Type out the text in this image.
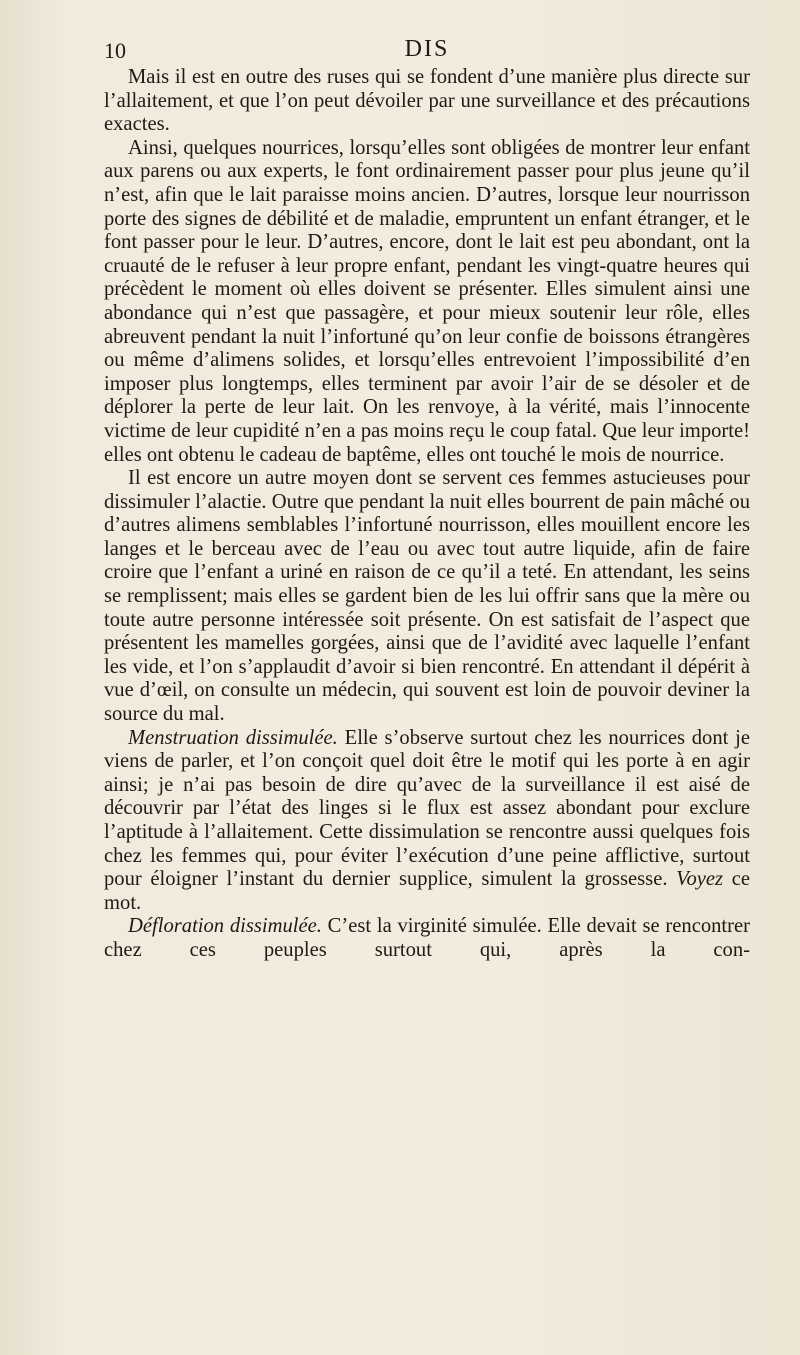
10	DIS

Mais il est en outre des ruses qui se fondent d’une manière plus directe sur l’allaitement, et que l’on peut dévoiler par une surveillance et des précautions exactes.

Ainsi, quelques nourrices, lorsqu’elles sont obligées de montrer leur enfant aux parens ou aux experts, le font ordinairement passer pour plus jeune qu’il n’est, afin que le lait paraisse moins ancien. D’autres, lorsque leur nourrisson porte des signes de débilité et de maladie, empruntent un enfant étranger, et le font passer pour le leur. D’autres, encore, dont le lait est peu abondant, ont la cruauté de le refuser à leur propre enfant, pendant les vingt-quatre heures qui précèdent le moment où elles doivent se présenter. Elles simulent ainsi une abondance qui n’est que passagère, et pour mieux soutenir leur rôle, elles abreuvent pendant la nuit l’infortuné qu’on leur confie de boissons étrangères ou même d’alimens solides, et lorsqu’elles entrevoient l’impossibilité d’en imposer plus longtemps, elles terminent par avoir l’air de se désoler et de déplorer la perte de leur lait. On les renvoye, à la vérité, mais l’innocente victime de leur cupidité n’en a pas moins reçu le coup fatal. Que leur importe! elles ont obtenu le cadeau de baptême, elles ont touché le mois de nourrice.

Il est encore un autre moyen dont se servent ces femmes astucieuses pour dissimuler l’alactie. Outre que pendant la nuit elles bourrent de pain mâché ou d’autres alimens semblables l’infortuné nourrisson, elles mouillent encore les langes et le berceau avec de l’eau ou avec tout autre liquide, afin de faire croire que l’enfant a uriné en raison de ce qu’il a teté. En attendant, les seins se remplissent; mais elles se gardent bien de les lui offrir sans que la mère ou toute autre personne intéressée soit présente. On est satisfait de l’aspect que présentent les mamelles gorgées, ainsi que de l’avidité avec laquelle l’enfant les vide, et l’on s’applaudit d’avoir si bien rencontré. En attendant il dépérit à vue d’œil, on consulte un médecin, qui souvent est loin de pouvoir deviner la source du mal.

Menstruation dissimulée. Elle s’observe surtout chez les nourrices dont je viens de parler, et l’on conçoit quel doit être le motif qui les porte à en agir ainsi; je n’ai pas besoin de dire qu’avec de la surveillance il est aisé de découvrir par l’état des linges si le flux est assez abondant pour exclure l’aptitude à l’allaitement. Cette dissimulation se rencontre aussi quelques fois chez les femmes qui, pour éviter l’exécution d’une peine afflictive, surtout pour éloigner l’instant du dernier supplice, simulent la grossesse. Voyez ce mot.

Défloration dissimulée. C’est la virginité simulée. Elle devait se rencontrer chez ces peuples surtout qui, après la con-
